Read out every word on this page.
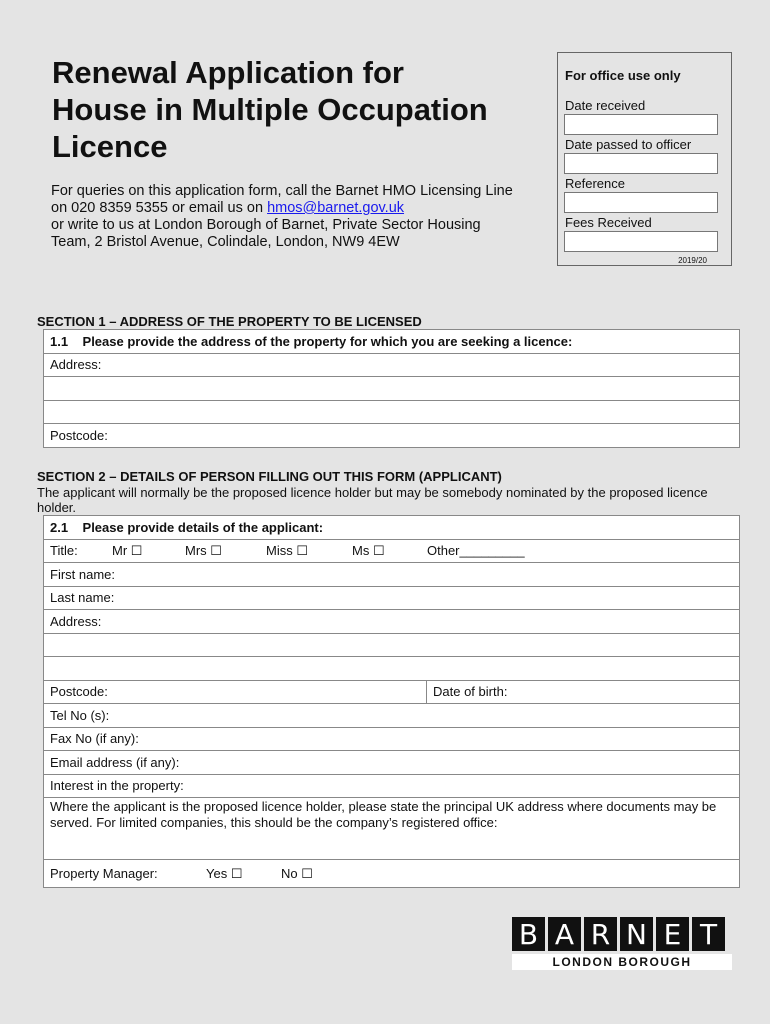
Renewal Application for
House in Multiple Occupation
Licence
For queries on this application form, call the Barnet HMO Licensing Line
on 020 8359 5355 or email us on hmos@barnet.gov.uk
or write to us at London Borough of Barnet, Private Sector Housing
Team, 2 Bristol Avenue, Colindale, London, NW9 4EW
For office use only
Date received
Date passed to officer
Reference
Fees Received
2019/20
SECTION 1 – ADDRESS OF THE PROPERTY TO BE LICENSED
1.1    Please provide the address of the property for which you are seeking a licence:
Address:

Postcode:
SECTION 2 – DETAILS OF PERSON FILLING OUT THIS FORM (APPLICANT)
The applicant will normally be the proposed licence holder but may be somebody nominated by the proposed licence holder.
2.1    Please provide details of the applicant:
Title:	Mr ☐	Mrs ☐	Miss ☐	Ms ☐	Other_________
First name:
Last name:
Address:

Postcode:	Date of birth:
Tel No (s):
Fax No (if any):
Email address (if any):
Interest in the property:
Where the applicant is the proposed licence holder, please state the principal UK address where documents may be served. For limited companies, this should be the company’s registered office:
Property Manager:	Yes ☐	No ☐
B A R N E T
LONDON BOROUGH
